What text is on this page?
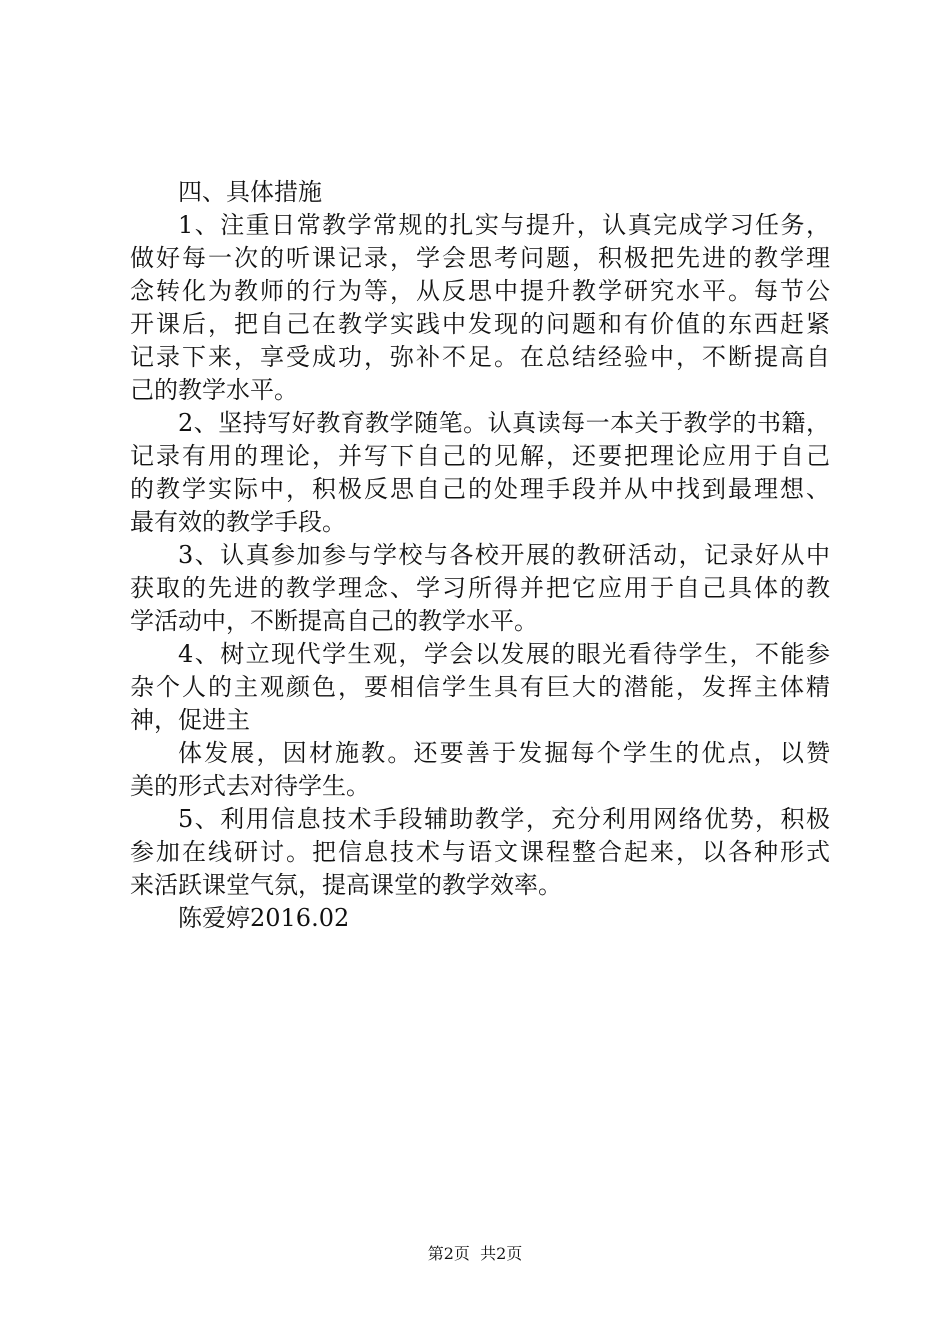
四、具体措施
1、注重日常教学常规的扎实与提升，认真完成学习任务，
做好每一次的听课记录，学会思考问题，积极把先进的教学理
念转化为教师的行为等，从反思中提升教学研究水平。每节公
开课后，把自己在教学实践中发现的问题和有价值的东西赶紧
记录下来，享受成功，弥补不足。在总结经验中，不断提高自
己的教学水平。
2、坚持写好教育教学随笔。认真读每一本关于教学的书籍，
记录有用的理论，并写下自己的见解，还要把理论应用于自己
的教学实际中，积极反思自己的处理手段并从中找到最理想、
最有效的教学手段。
3、认真参加参与学校与各校开展的教研活动，记录好从中
获取的先进的教学理念、学习所得并把它应用于自己具体的教
学活动中，不断提高自己的教学水平。
4、树立现代学生观，学会以发展的眼光看待学生，不能参
杂个人的主观颜色，要相信学生具有巨大的潜能，发挥主体精
神，促进主
体发展，因材施教。还要善于发掘每个学生的优点，以赞
美的形式去对待学生。
5、利用信息技术手段辅助教学，充分利用网络优势，积极
参加在线研讨。把信息技术与语文课程整合起来，以各种形式
来活跃课堂气氛，提高课堂的教学效率。
陈爱婷2016.02
第2页  共2页
